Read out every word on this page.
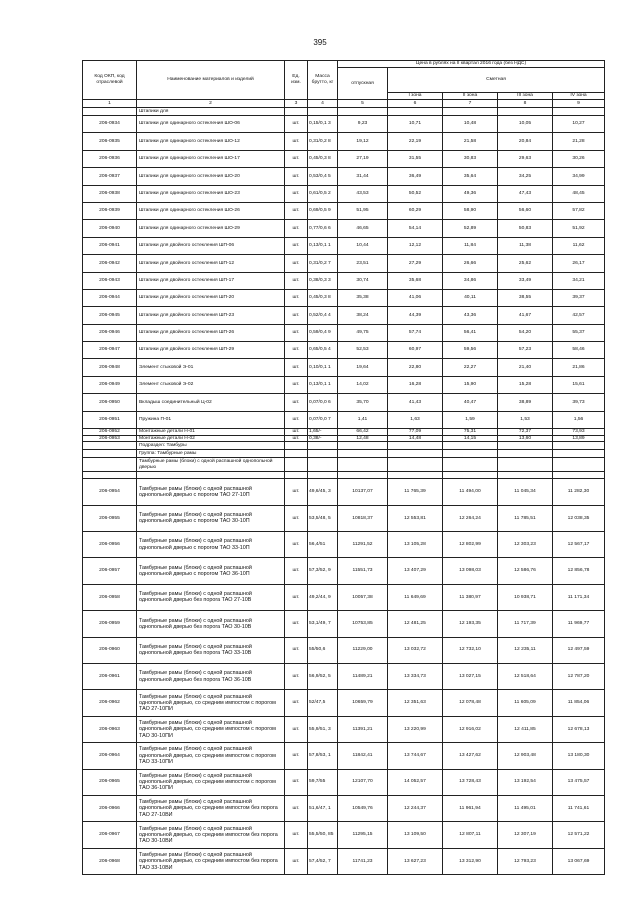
395
Код ОКП, код отраслевой	Наименование материалов и изделий	Ед. изм.	Масса брутто, кг	Цена в рублях на II квартал 2016 года (без НДС)				
				отпускная	Сметная			
					I зона	II зона	III зона	IV зона
1	2	3	4	5	6	7	8	9
	Штапики для							
206-0934	Штапики для одинарного остекления ШО-06	шт.	0,15/0,1 3	9,23	10,71	10,48	10,05	10,27
206-0935	Штапики для одинарного остекления ШО-12	шт.	0,31/0,2 8	19,12	22,19	21,58	20,84	21,28
206-0936	Штапики для одинарного остекления ШО-17	шт.	0,45/0,3 8	27,19	31,55	30,83	29,63	30,26
206-0937	Штапики для одинарного остекления ШО-20	шт.	0,53/0,4 5	31,44	36,49	35,64	34,25	34,99
206-0938	Штапики для одинарного остекления ШО-23	шт.	0,61/0,5 2	43,53	50,52	49,36	47,43	48,45
206-0939	Штапики для одинарного остекления ШО-26	шт.	0,69/0,5 9	51,95	60,29	58,90	56,60	57,82
206-0940	Штапики для одинарного остекления ШО-29	шт.	0,77/0,6 6	46,65	54,14	52,89	50,83	51,92
206-0941	Штапики для двойного остекления ШП-06	шт.	0,13/0,1 1	10,44	12,12	11,84	11,38	11,62
206-0942	Штапики для двойного остекления ШП-12	шт.	0,31/0,2 7	23,51	27,29	26,66	25,62	26,17
206-0943	Штапики для двойного остекления ШП-17	шт.	0,38/0,3 3	30,74	35,68	34,86	33,49	34,21
206-0944	Штапики для двойного остекления ШП-20	шт.	0,45/0,3 8	35,38	41,06	40,11	38,55	39,37
206-0945	Штапики для двойного остекления ШП-23	шт.	0,52/0,4 4	38,24	44,39	43,36	41,67	42,57
206-0946	Штапики для двойного остекления ШП-26	шт.	0,59/0,4 9	49,75	57,74	56,41	54,20	55,37
206-0947	Штапики для двойного остекления ШП-29	шт.	0,65/0,5 4	52,53	60,97	59,56	57,23	58,46
206-0948	Элемент стыковой Э-01	шт.	0,10/0,1 1	19,64	22,80	22,27	21,40	21,86
206-0949	Элемент стыковой Э-02	шт.	0,13/0,1 1	14,02	16,28	15,90	15,28	15,61
206-0950	Вкладыш соединительный Ц-02	шт.	0,07/0,0 6	35,70	41,43	40,47	38,89	39,73
206-0951	Пружина П-01	шт.	0,07/0,0 7	1,41	1,63	1,59	1,53	1,56
206-0952	Монтажные детали Н-01	шт.	1,65/-	66,42	77,09	75,31	72,37	73,93
206-0953	Монтажные детали Н-02	шт.	0,38/-	12,48	14,48	14,15	13,60	13,89
	Подраздел: Тамбуры							
	Группа: Тамбурные рамы							
	Тамбурные рамы (блоки) с одной распашной однопольной дверью							

206-0954	Тамбурные рамы (блоки) с одной распашной однопольной дверью с порогом ТАО 27-10П	шт.	49,6/45, 3	10137,07	11 765,39	11 494,00	11 045,34	11 282,30
206-0955	Тамбурные рамы (блоки) с одной распашной однопольной дверью с порогом ТАО 30-10П	шт.	53,5/48, 5	10818,37	12 553,81	12 264,24	11 785,51	12 038,35
206-0956	Тамбурные рамы (блоки) с одной распашной однопольной дверью с порогом ТАО 33-10П	шт.	56,4/51	11291,52	13 105,28	12 802,99	12 303,23	12 567,17
206-0957	Тамбурные рамы (блоки) с одной распашной однопольной дверью с порогом ТАО 36-10П	шт.	57,3/52, 9	11551,73	13 407,29	13 098,03	12 586,76	12 856,78
206-0958	Тамбурные рамы (блоки) с одной распашной однопольной дверью без порога ТАО 27-10В	шт.	49,2/44, 9	10057,38	11 649,69	11 380,97	10 938,71	11 171,34
206-0959	Тамбурные рамы (блоки) с одной распашной однопольной дверью без порога ТАО 30-10В	шт.	53,1/49, 7	10753,85	12 481,25	12 193,35	11 717,39	11 969,77
206-0960	Тамбурные рамы (блоки) с одной распашной однопольной дверью без порога ТАО 33-10В	шт.	55/50,6	11229,00	13 032,72	12 732,10	12 235,11	12 497,59
206-0961	Тамбурные рамы (блоки) с одной распашной однопольной дверью без порога ТАО 36-10В	шт.	56,9/52, 5	11489,21	13 334,73	13 027,15	12 518,64	12 787,20
206-0962	Тамбурные рамы (блоки) с одной распашной однопольной дверью, со средним импостом с порогом ТАО 27-10ПИ	шт.	52/47,5	10659,79	12 351,63	12 078,48	11 605,09	11 854,06
206-0963	Тамбурные рамы (блоки) с одной распашной однопольной дверью, со средним импостом с порогом ТАО 30-10ПИ	шт.	55,9/51, 3	11391,21	13 220,99	12 916,02	12 411,85	12 678,13
206-0964	Тамбурные рамы (блоки) с одной распашной однопольной дверью, со средним импостом с порогом ТАО 33-10ПИ	шт.	57,8/53, 1	11842,41	13 744,67	13 427,62	12 903,48	13 180,30
206-0965	Тамбурные рамы (блоки) с одной распашной однопольной дверью, со средним импостом с порогом ТАО 36-10ПИ	шт.	59,7/55	12107,70	14 052,57	13 728,43	13 192,54	13 475,57
206-0966	Тамбурные рамы (блоки) с одной распашной однопольной дверью, со средним импостом без порога ТАО 27-10ВИ	шт.	51,6/47, 1	10549,76	12 244,37	11 961,94	11 495,01	11 741,61
206-0967	Тамбурные рамы (блоки) с одной распашной однопольной дверью, со средним импостом без порога ТАО 30-10ВИ	шт.	55,5/50, 85	11295,15	13 109,50	12 807,11	12 307,19	12 571,22
206-0968	Тамбурные рамы (блоки) с одной распашной однопольной дверью, со средним импостом без порога ТАО 33-10ВИ	шт.	57,4/52, 7	11741,23	13 627,23	13 312,90	12 793,23	13 067,69
